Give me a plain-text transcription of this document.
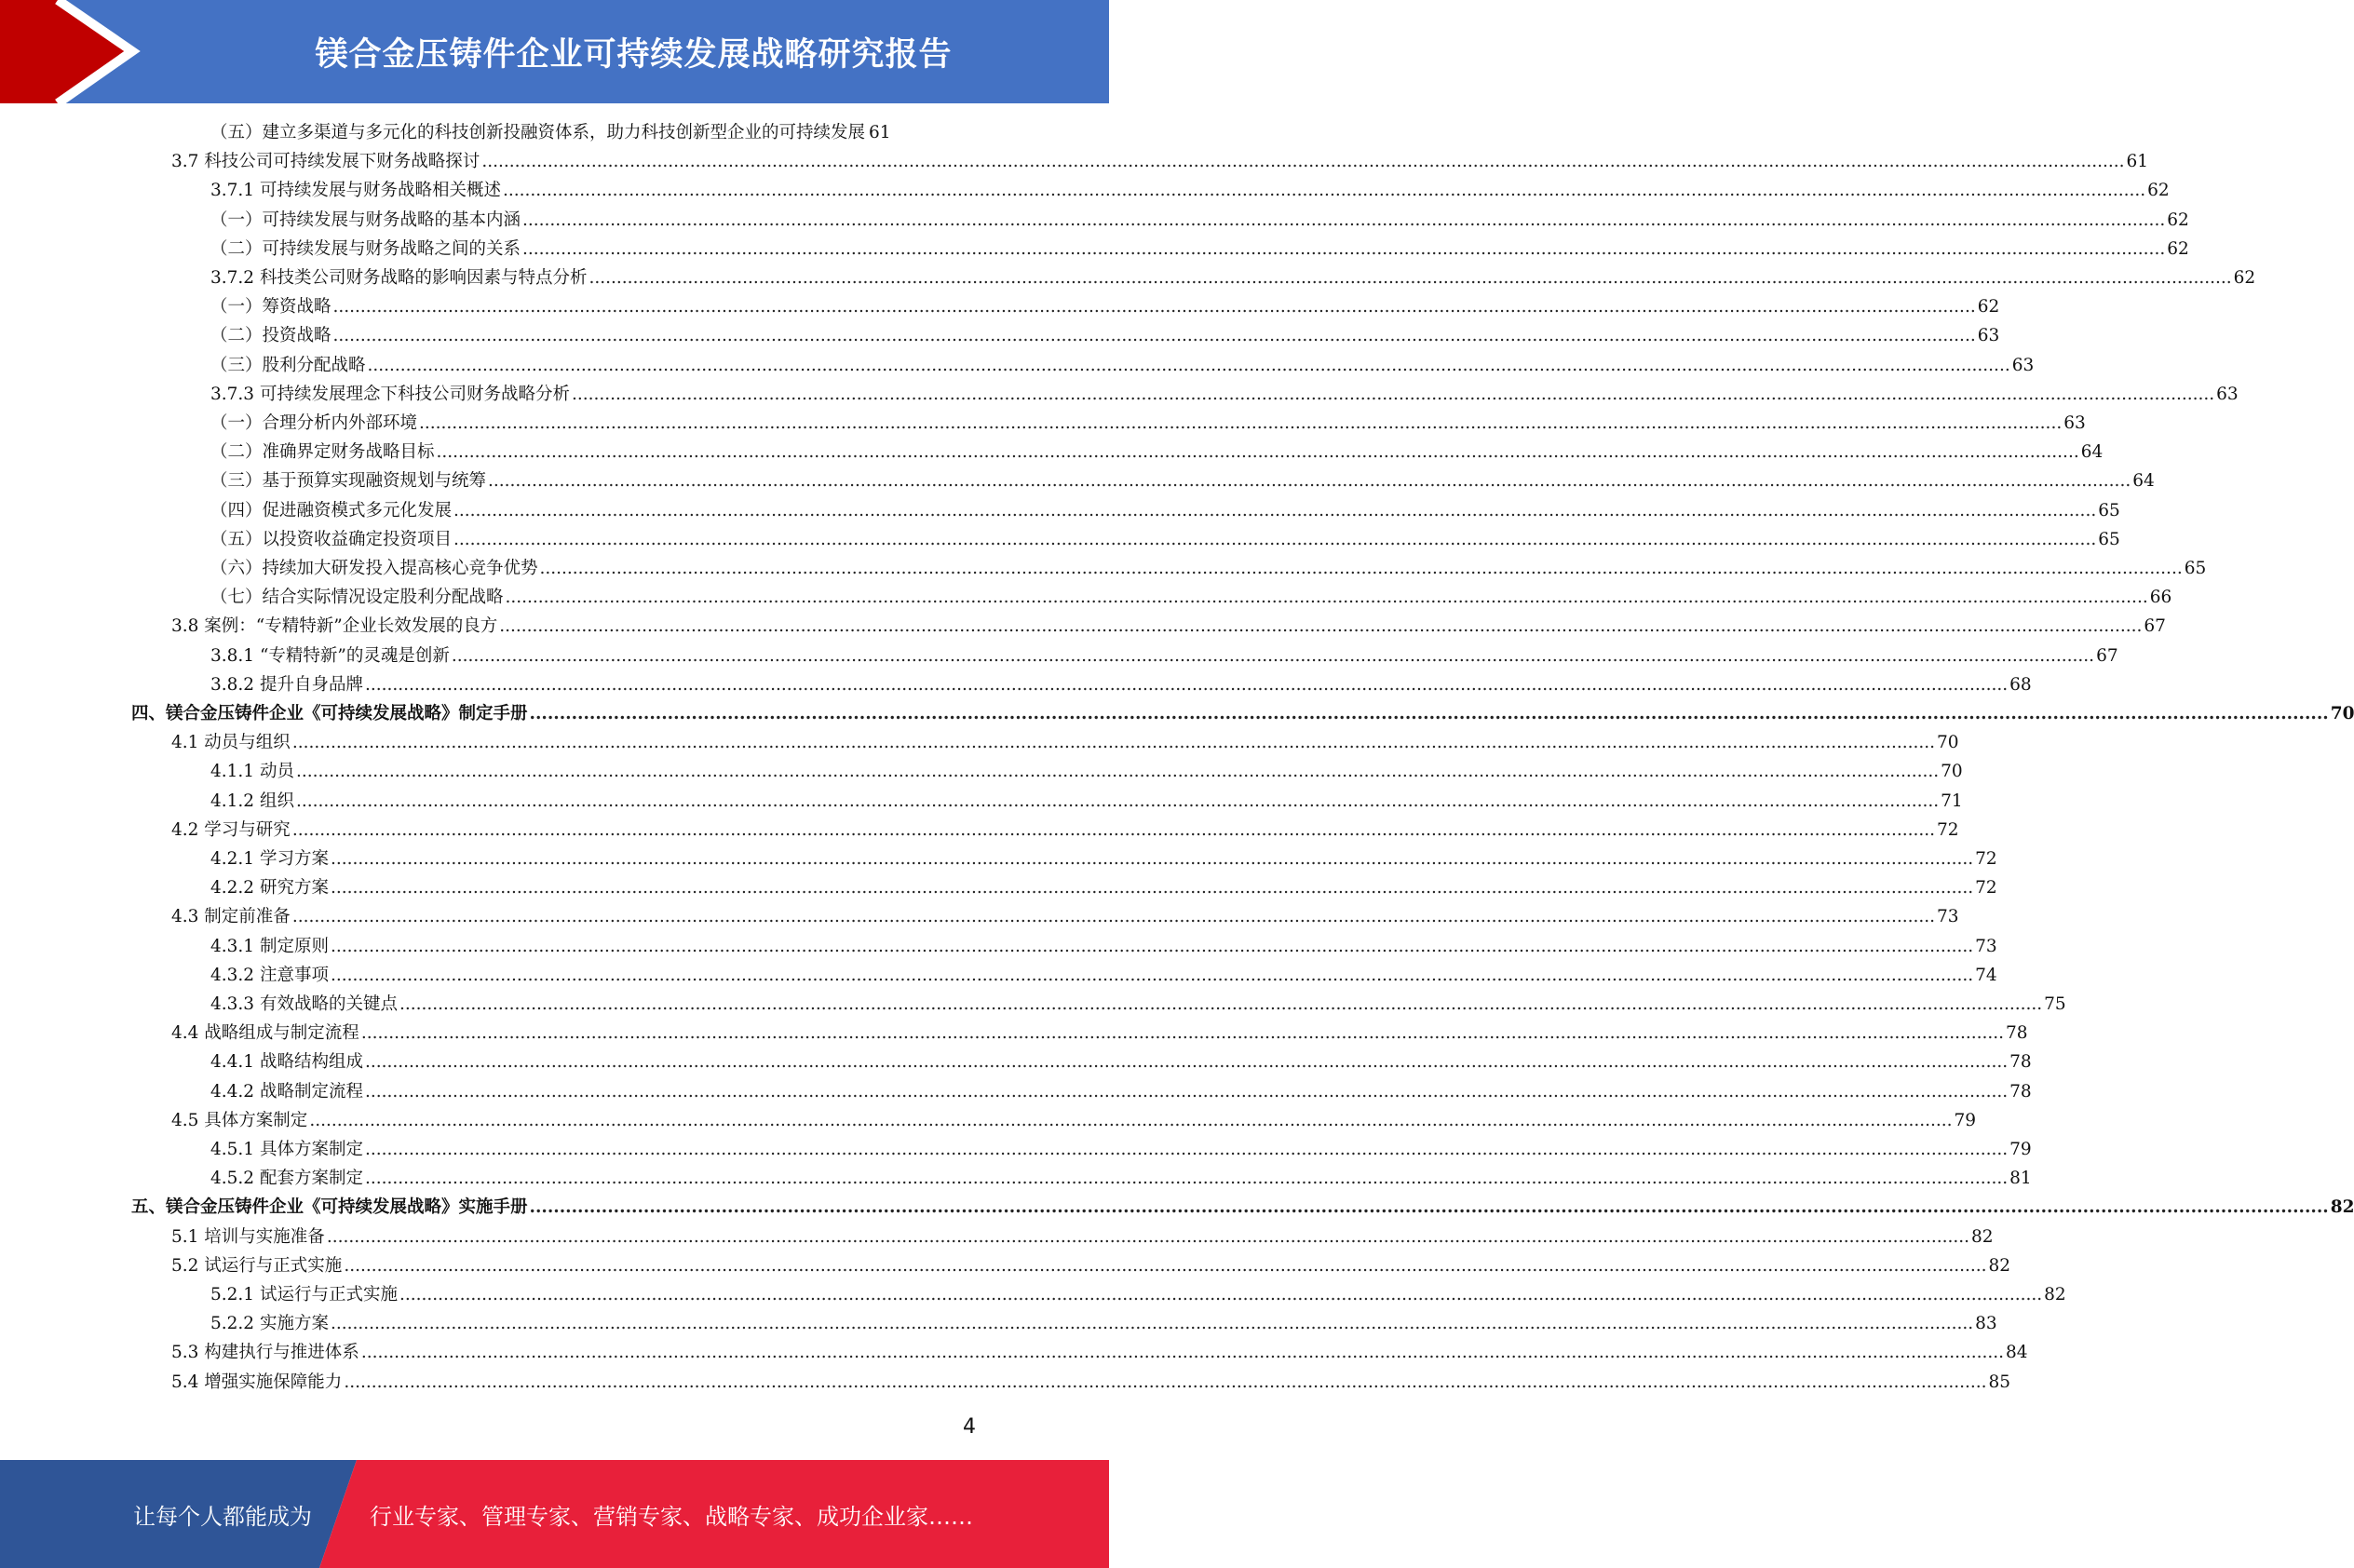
镁合金压铸件企业可持续发展战略研究报告
（五）建立多渠道与多元化的科技创新投融资体系，助力科技创新型企业的可持续发展 61
3.7 科技公司可持续发展下财务战略探讨 ............................................................................................................................................................................................................................................................................................................ 61
3.7.1 可持续发展与财务战略相关概述 ............................................................................................................................................................................................................................................................................................................ 62
（一）可持续发展与财务战略的基本内涵 ............................................................................................................................................................................................................................................................................................................ 62
（二）可持续发展与财务战略之间的关系 ............................................................................................................................................................................................................................................................................................................ 62
3.7.2 科技类公司财务战略的影响因素与特点分析 ............................................................................................................................................................................................................................................................................................................ 62
（一）筹资战略 ............................................................................................................................................................................................................................................................................................................ 62
（二）投资战略 ............................................................................................................................................................................................................................................................................................................ 63
（三）股利分配战略 ............................................................................................................................................................................................................................................................................................................ 63
3.7.3 可持续发展理念下科技公司财务战略分析 ............................................................................................................................................................................................................................................................................................................ 63
（一）合理分析内外部环境 ............................................................................................................................................................................................................................................................................................................ 63
（二）准确界定财务战略目标 ............................................................................................................................................................................................................................................................................................................ 64
（三）基于预算实现融资规划与统筹 ............................................................................................................................................................................................................................................................................................................ 64
（四）促进融资模式多元化发展 ............................................................................................................................................................................................................................................................................................................ 65
（五）以投资收益确定投资项目 ............................................................................................................................................................................................................................................................................................................ 65
（六）持续加大研发投入提高核心竞争优势 ............................................................................................................................................................................................................................................................................................................ 65
（七）结合实际情况设定股利分配战略 ............................................................................................................................................................................................................................................................................................................ 66
3.8 案例：“专精特新”企业长效发展的良方 ............................................................................................................................................................................................................................................................................................................ 67
3.8.1 “专精特新”的灵魂是创新 ............................................................................................................................................................................................................................................................................................................ 67
3.8.2 提升自身品牌 ............................................................................................................................................................................................................................................................................................................ 68
四、镁合金压铸件企业《可持续发展战略》制定手册 ............................................................................................................................................................................................................................................................................................................ 70
4.1 动员与组织 ............................................................................................................................................................................................................................................................................................................ 70
4.1.1 动员 ............................................................................................................................................................................................................................................................................................................ 70
4.1.2 组织 ............................................................................................................................................................................................................................................................................................................ 71
4.2 学习与研究 ............................................................................................................................................................................................................................................................................................................ 72
4.2.1 学习方案 ............................................................................................................................................................................................................................................................................................................ 72
4.2.2 研究方案 ............................................................................................................................................................................................................................................................................................................ 72
4.3 制定前准备 ............................................................................................................................................................................................................................................................................................................ 73
4.3.1 制定原则 ............................................................................................................................................................................................................................................................................................................ 73
4.3.2 注意事项 ............................................................................................................................................................................................................................................................................................................ 74
4.3.3 有效战略的关键点 ............................................................................................................................................................................................................................................................................................................ 75
4.4 战略组成与制定流程 ............................................................................................................................................................................................................................................................................................................ 78
4.4.1 战略结构组成 ............................................................................................................................................................................................................................................................................................................ 78
4.4.2 战略制定流程 ............................................................................................................................................................................................................................................................................................................ 78
4.5 具体方案制定 ............................................................................................................................................................................................................................................................................................................ 79
4.5.1 具体方案制定 ............................................................................................................................................................................................................................................................................................................ 79
4.5.2 配套方案制定 ............................................................................................................................................................................................................................................................................................................ 81
五、镁合金压铸件企业《可持续发展战略》实施手册 ............................................................................................................................................................................................................................................................................................................ 82
5.1 培训与实施准备 ............................................................................................................................................................................................................................................................................................................ 82
5.2 试运行与正式实施 ............................................................................................................................................................................................................................................................................................................ 82
5.2.1 试运行与正式实施 ............................................................................................................................................................................................................................................................................................................ 82
5.2.2 实施方案 ............................................................................................................................................................................................................................................................................................................ 83
5.3 构建执行与推进体系 ............................................................................................................................................................................................................................................................................................................ 84
5.4 增强实施保障能力 ............................................................................................................................................................................................................................................................................................................ 85
4
让每个人都能成为	行业专家、管理专家、营销专家、战略专家、成功企业家……
